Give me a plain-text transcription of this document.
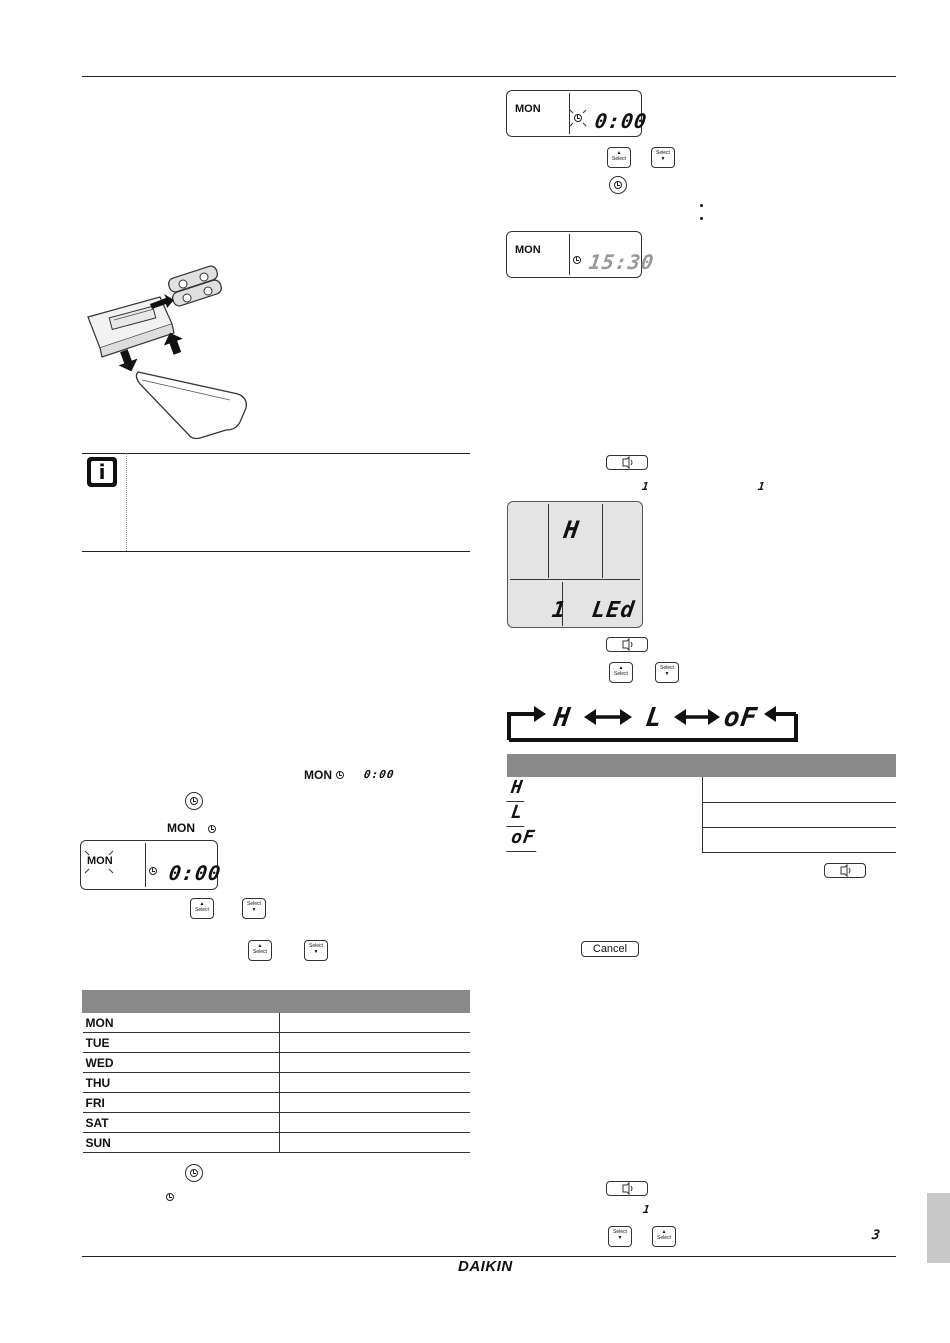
i
MON	0:00
MON
MON	0:00
▲
Select
Select
▼
▲
Select
Select
▼

MON	
TUE	
WED	
THU	
FRI	
SAT	
SUN	
MON	0:00
▲
Select
Select
▼
MON 15:30
1	1
H
1 LEd
▲
Select
Select
▼
H	L oF

H
L
oF
Cancel
1
Select
▼
▲
Select	3
DAIKIN
